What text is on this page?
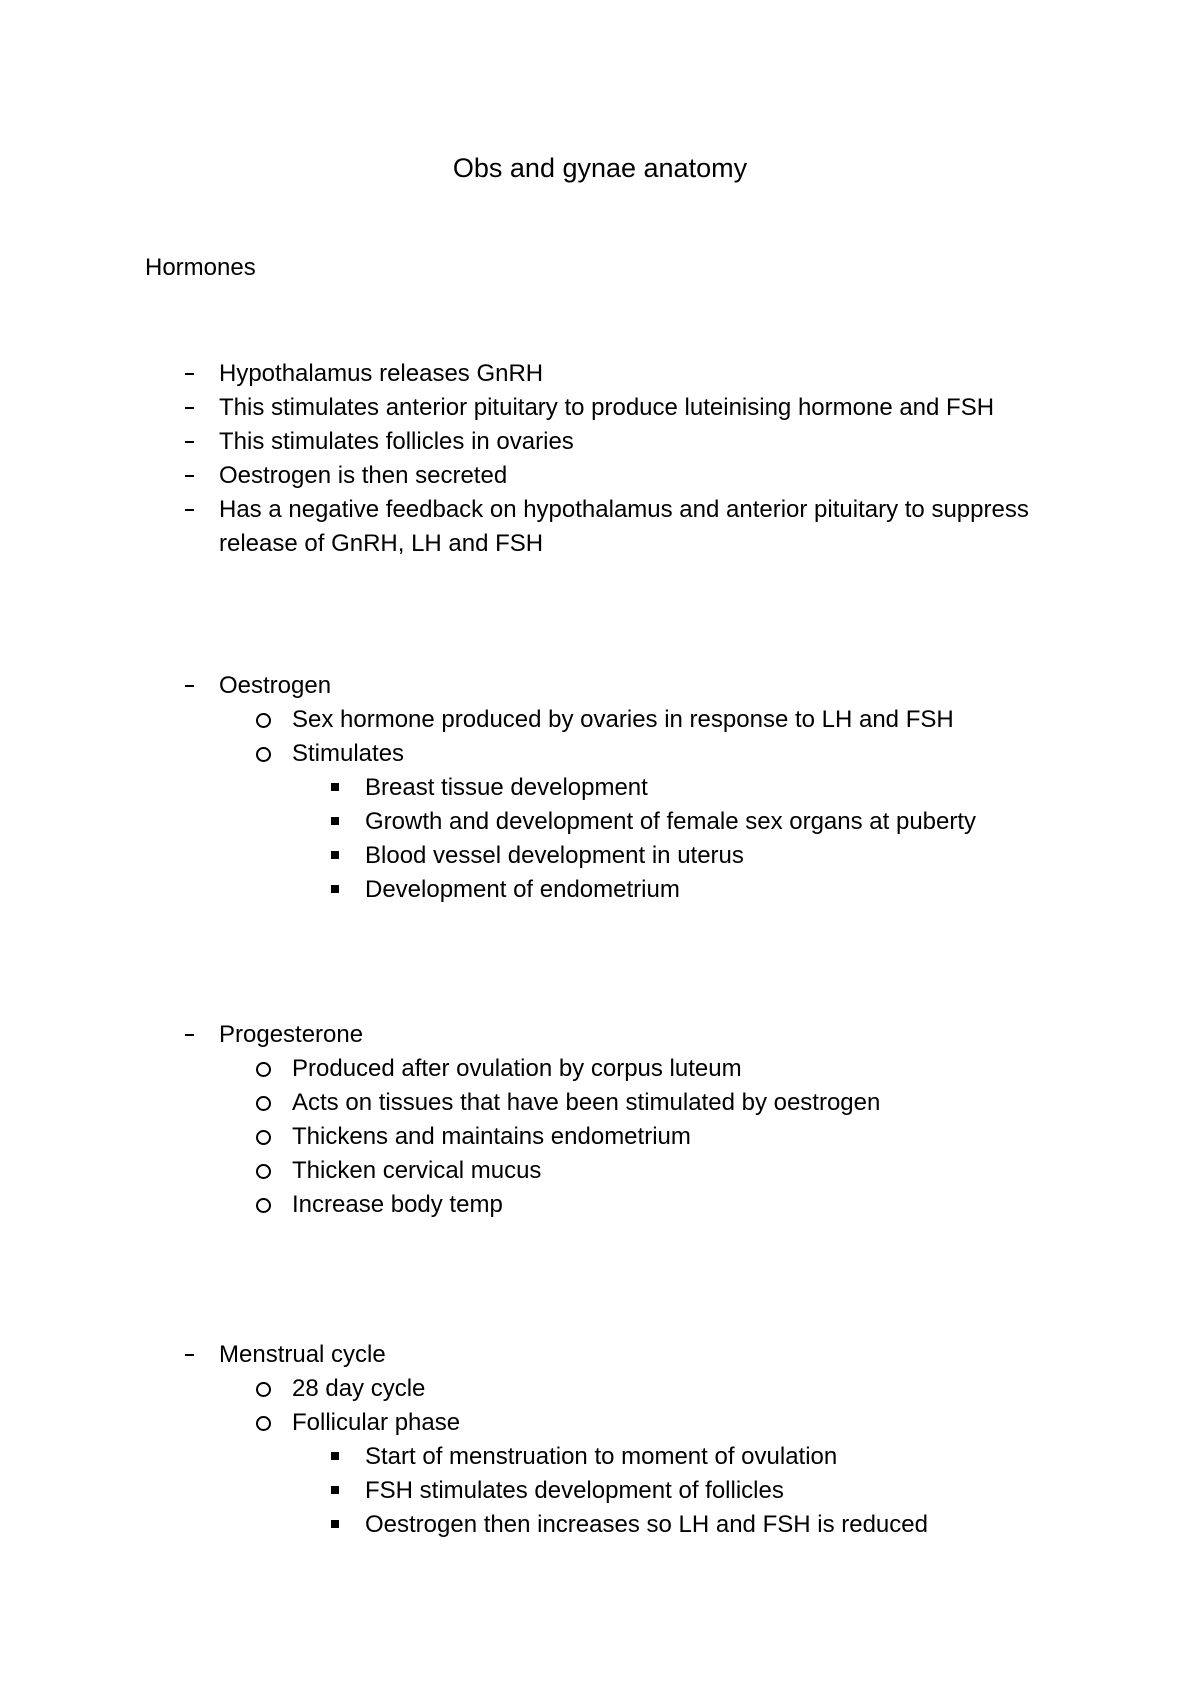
Obs and gynae anatomy
Hormones
Hypothalamus releases GnRH
This stimulates anterior pituitary to produce luteinising hormone and FSH
This stimulates follicles in ovaries
Oestrogen is then secreted
Has a negative feedback on hypothalamus and anterior pituitary to suppress release of GnRH, LH and FSH
Oestrogen
Sex hormone produced by ovaries in response to LH and FSH
Stimulates
Breast tissue development
Growth and development of female sex organs at puberty
Blood vessel development in uterus
Development of endometrium
Progesterone
Produced after ovulation by corpus luteum
Acts on tissues that have been stimulated by oestrogen
Thickens and maintains endometrium
Thicken cervical mucus
Increase body temp
Menstrual cycle
28 day cycle
Follicular phase
Start of menstruation to moment of ovulation
FSH stimulates development of follicles
Oestrogen then increases so LH and FSH is reduced
